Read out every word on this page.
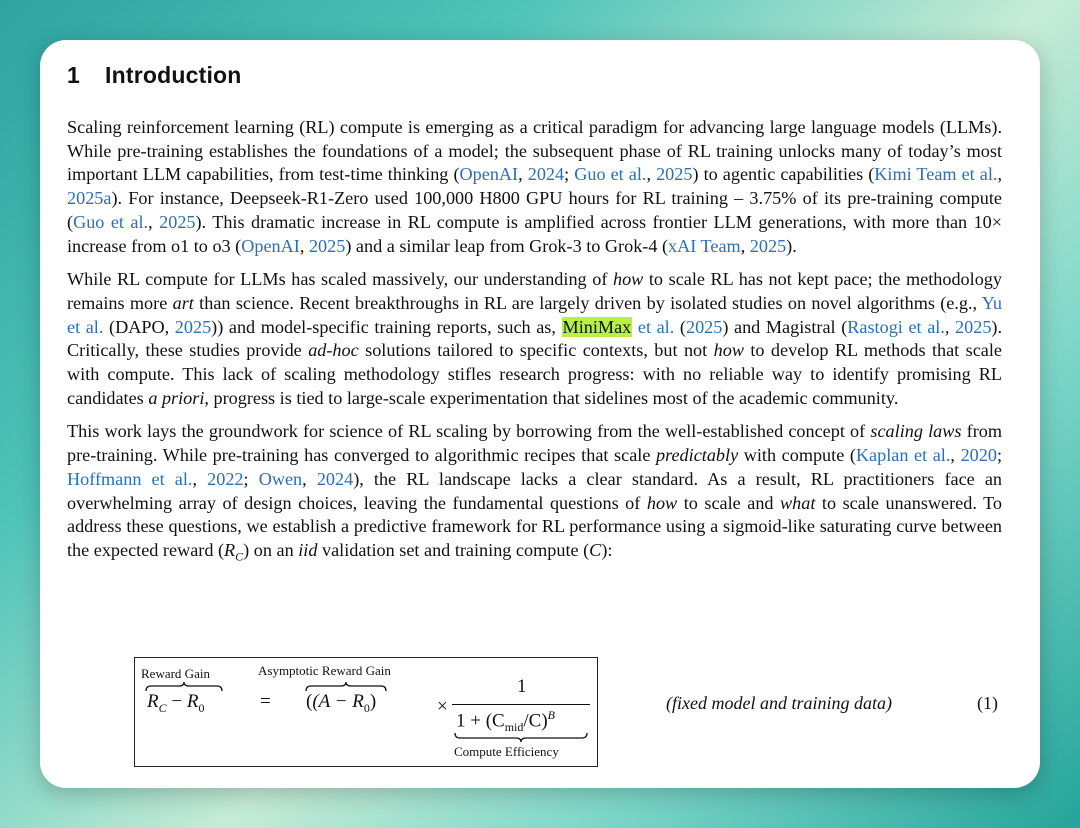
1 Introduction

Scaling reinforcement learning (RL) compute is emerging as a critical paradigm for advancing large language models (LLMs). While pre-training establishes the foundations of a model; the subsequent phase of RL training unlocks many of today’s most important LLM capabilities, from test-time thinking (OpenAI, 2024; Guo et al., 2025) to agentic capabilities (Kimi Team et al., 2025a). For instance, Deepseek-R1-Zero used 100,000 H800 GPU hours for RL training – 3.75% of its pre-training compute (Guo et al., 2025). This dramatic increase in RL compute is amplified across frontier LLM generations, with more than 10× increase from o1 to o3 (OpenAI, 2025) and a similar leap from Grok-3 to Grok-4 (xAI Team, 2025).

While RL compute for LLMs has scaled massively, our understanding of how to scale RL has not kept pace; the methodology remains more art than science. Recent breakthroughs in RL are largely driven by isolated studies on novel algorithms (e.g., Yu et al. (DAPO, 2025)) and model-specific training reports, such as, MiniMax et al. (2025) and Magistral (Rastogi et al., 2025). Critically, these studies provide ad-hoc solutions tailored to specific contexts, but not how to develop RL methods that scale with compute. This lack of scaling methodology stifles research progress: with no reliable way to identify promising RL candidates a priori, progress is tied to large-scale experimentation that sidelines most of the academic community.

This work lays the groundwork for science of RL scaling by borrowing from the well-established concept of scaling laws from pre-training. While pre-training has converged to algorithmic recipes that scale predictably with compute (Kaplan et al., 2020; Hoffmann et al., 2022; Owen, 2024), the RL landscape lacks a clear standard. As a result, RL practitioners face an overwhelming array of design choices, leaving the fundamental questions of how to scale and what to scale unanswered. To address these questions, we establish a predictive framework for RL performance using a sigmoid-like saturating curve between the expected reward $(R_C)$ on an iid validation set and training compute (C):

Reward Gain
$R_C - R_0$	=
Asymptotic Reward Gain
($(A - R_0)$	×
1
$1 + (C_{mid}/C)^B$
Compute Efficiency
(fixed model and training data)	(1)
